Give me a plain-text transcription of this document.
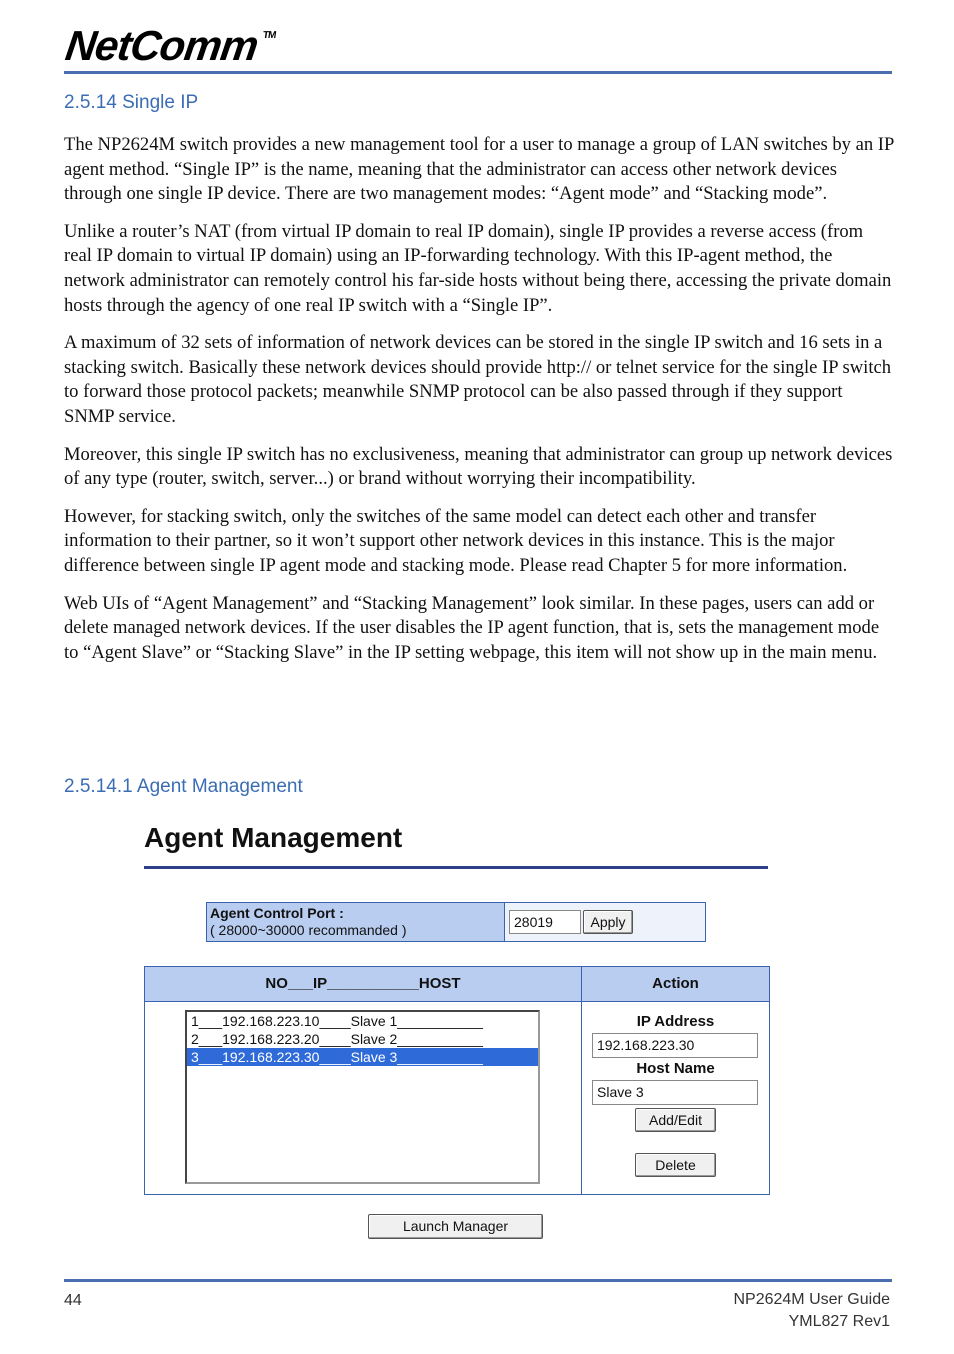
NetComm™
2.5.14 Single IP

The NP2624M switch provides a new management tool for a user to manage a group of LAN switches by an IP agent method. “Single IP” is the name, meaning that the administrator can access other network devices through one single IP device. There are two management modes: “Agent mode” and “Stacking mode”.

Unlike a router’s NAT (from virtual IP domain to real IP domain), single IP provides a reverse access (from real IP domain to virtual IP domain) using an IP-forwarding technology. With this IP-agent method, the network administrator can remotely control his far-side hosts without being there, accessing the private domain hosts through the agency of one real IP switch with a “Single IP”.

A maximum of 32 sets of information of network devices can be stored in the single IP switch and 16 sets in a stacking switch. Basically these network devices should provide http:// or telnet service for the single IP switch to forward those protocol packets; meanwhile SNMP protocol can be also passed through if they support SNMP service.

Moreover, this single IP switch has no exclusiveness, meaning that administrator can group up network devices of any type (router, switch, server...) or brand without worrying their incompatibility.

However, for stacking switch, only the switches of the same model can detect each other and transfer information to their partner, so it won’t support other network devices in this instance. This is the major difference between single IP agent mode and stacking mode. Please read Chapter 5 for more information.

Web UIs of “Agent Management” and “Stacking Management” look similar. In these pages, users can add or delete managed network devices. If the user disables the IP agent function, that is, sets the management mode to “Agent Slave” or “Stacking Slave” in the IP setting webpage, this item will not show up in the main menu.

2.5.14.1 Agent Management
Agent Management
Agent Control Port :
( 28000~30000 recommanded )	28019	Apply
NO___IP___________HOST	Action
1___192.168.223.10____Slave 1___________
2___192.168.223.20____Slave 2___________
3___192.168.223.30____Slave 3___________
IP Address
192.168.223.30
Host Name
Slave 3
Add/Edit
Delete
Launch Manager
44	NP2624M User Guide
YML827 Rev1
